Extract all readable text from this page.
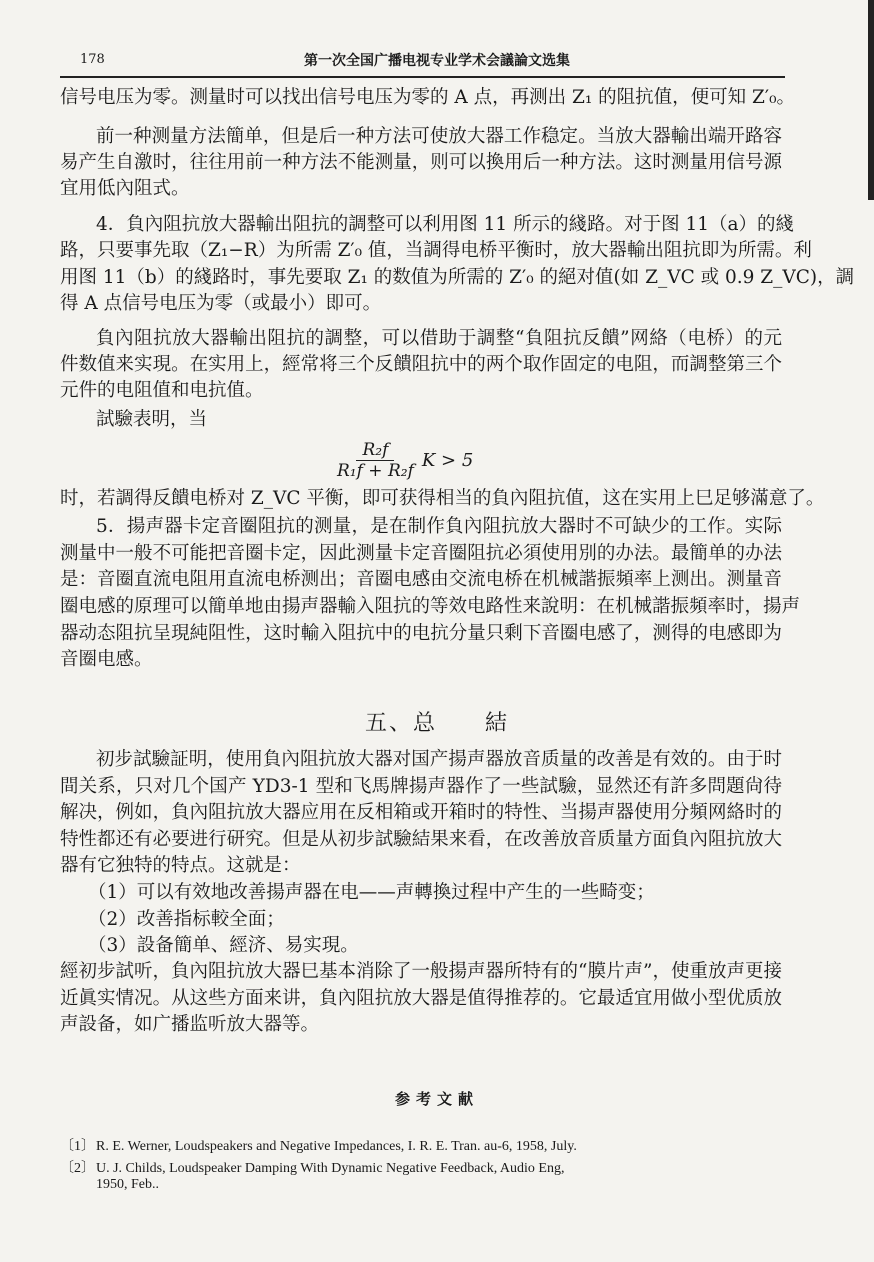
178	第一次全国广播电视专业学术会議論文选集
信号电压为零。测量时可以找出信号电压为零的 A 点，再测出 Z₁ 的阻抗值，便可知 Z′₀。
前一种测量方法簡单，但是后一种方法可使放大器工作稳定。当放大器輸出端开路容
易产生自激时，往往用前一种方法不能测量，则可以換用后一种方法。这时测量用信号源
宜用低內阻式。
4．負內阻抗放大器輸出阻抗的調整可以利用图 11 所示的綫路。对于图 11（a）的綫
路，只要事先取（Z₁−R）为所需 Z′₀ 值，当調得电桥平衡时，放大器輸出阻抗即为所需。利
用图 11（b）的綫路时，事先要取 Z₁ 的数值为所需的 Z′₀ 的絕对值(如 Z_VC 或 0.9 Z_VC)，調
得 A 点信号电压为零（或最小）即可。
負內阻抗放大器輸出阻抗的調整，可以借助于調整“負阻抗反饋”网絡（电桥）的元
件数值来实現。在实用上，經常将三个反饋阻抗中的两个取作固定的电阻，而調整第三个
元件的电阻值和电抗值。
試驗表明，当
$\frac{\text{R₂f}}{\text{R₁f + R₂f}}$ K > 5
时，若調得反饋电桥对 Z_VC 平衡，即可获得相当的負內阻抗值，这在实用上巳足够滿意了。
5．揚声器卡定音圈阻抗的测量，是在制作負內阻抗放大器时不可缺少的工作。实际
测量中一般不可能把音圈卡定，因此测量卡定音圈阻抗必須使用別的办法。最簡单的办法
是：音圈直流电阻用直流电桥测出；音圈电感由交流电桥在机械諧振頻率上测出。测量音
圈电感的原理可以簡单地由揚声器輸入阻抗的等效电路性来說明：在机械諧振頻率时，揚声
器动态阻抗呈現純阻性，这时輸入阻抗中的电抗分量只剩下音圈电感了，测得的电感即为
音圈电感。
五、总 結
初步試驗証明，使用負內阻抗放大器对国产揚声器放音质量的改善是有效的。由于时
間关系，只对几个国产 YD3-1 型和飞馬牌揚声器作了一些試驗，显然还有許多問題尙待
解决，例如，負內阻抗放大器应用在反相箱或开箱时的特性、当揚声器使用分頻网絡时的
特性都还有必要进行研究。但是从初步試驗結果来看，在改善放音质量方面負內阻抗放大
器有它独特的特点。这就是：
（1）可以有效地改善揚声器在电——声轉換过程中产生的一些畸变；
（2）改善指标較全面；
（3）設备簡单、經济、易实現。
經初步試听，負內阻抗放大器巳基本消除了一般揚声器所特有的“膜片声”，使重放声更接
近眞实情况。从这些方面来讲，負內阻抗放大器是值得推荐的。它最适宜用做小型优质放
声設备，如广播监听放大器等。
参考文献
〔1〕R. E. Werner, Loudspeakers and Negative Impedances, I. R. E. Tran. au-6, 1958, July.
〔2〕U. J. Childs, Loudspeaker Damping With Dynamic Negative Feedback, Audio Eng,
1950, Feb..
